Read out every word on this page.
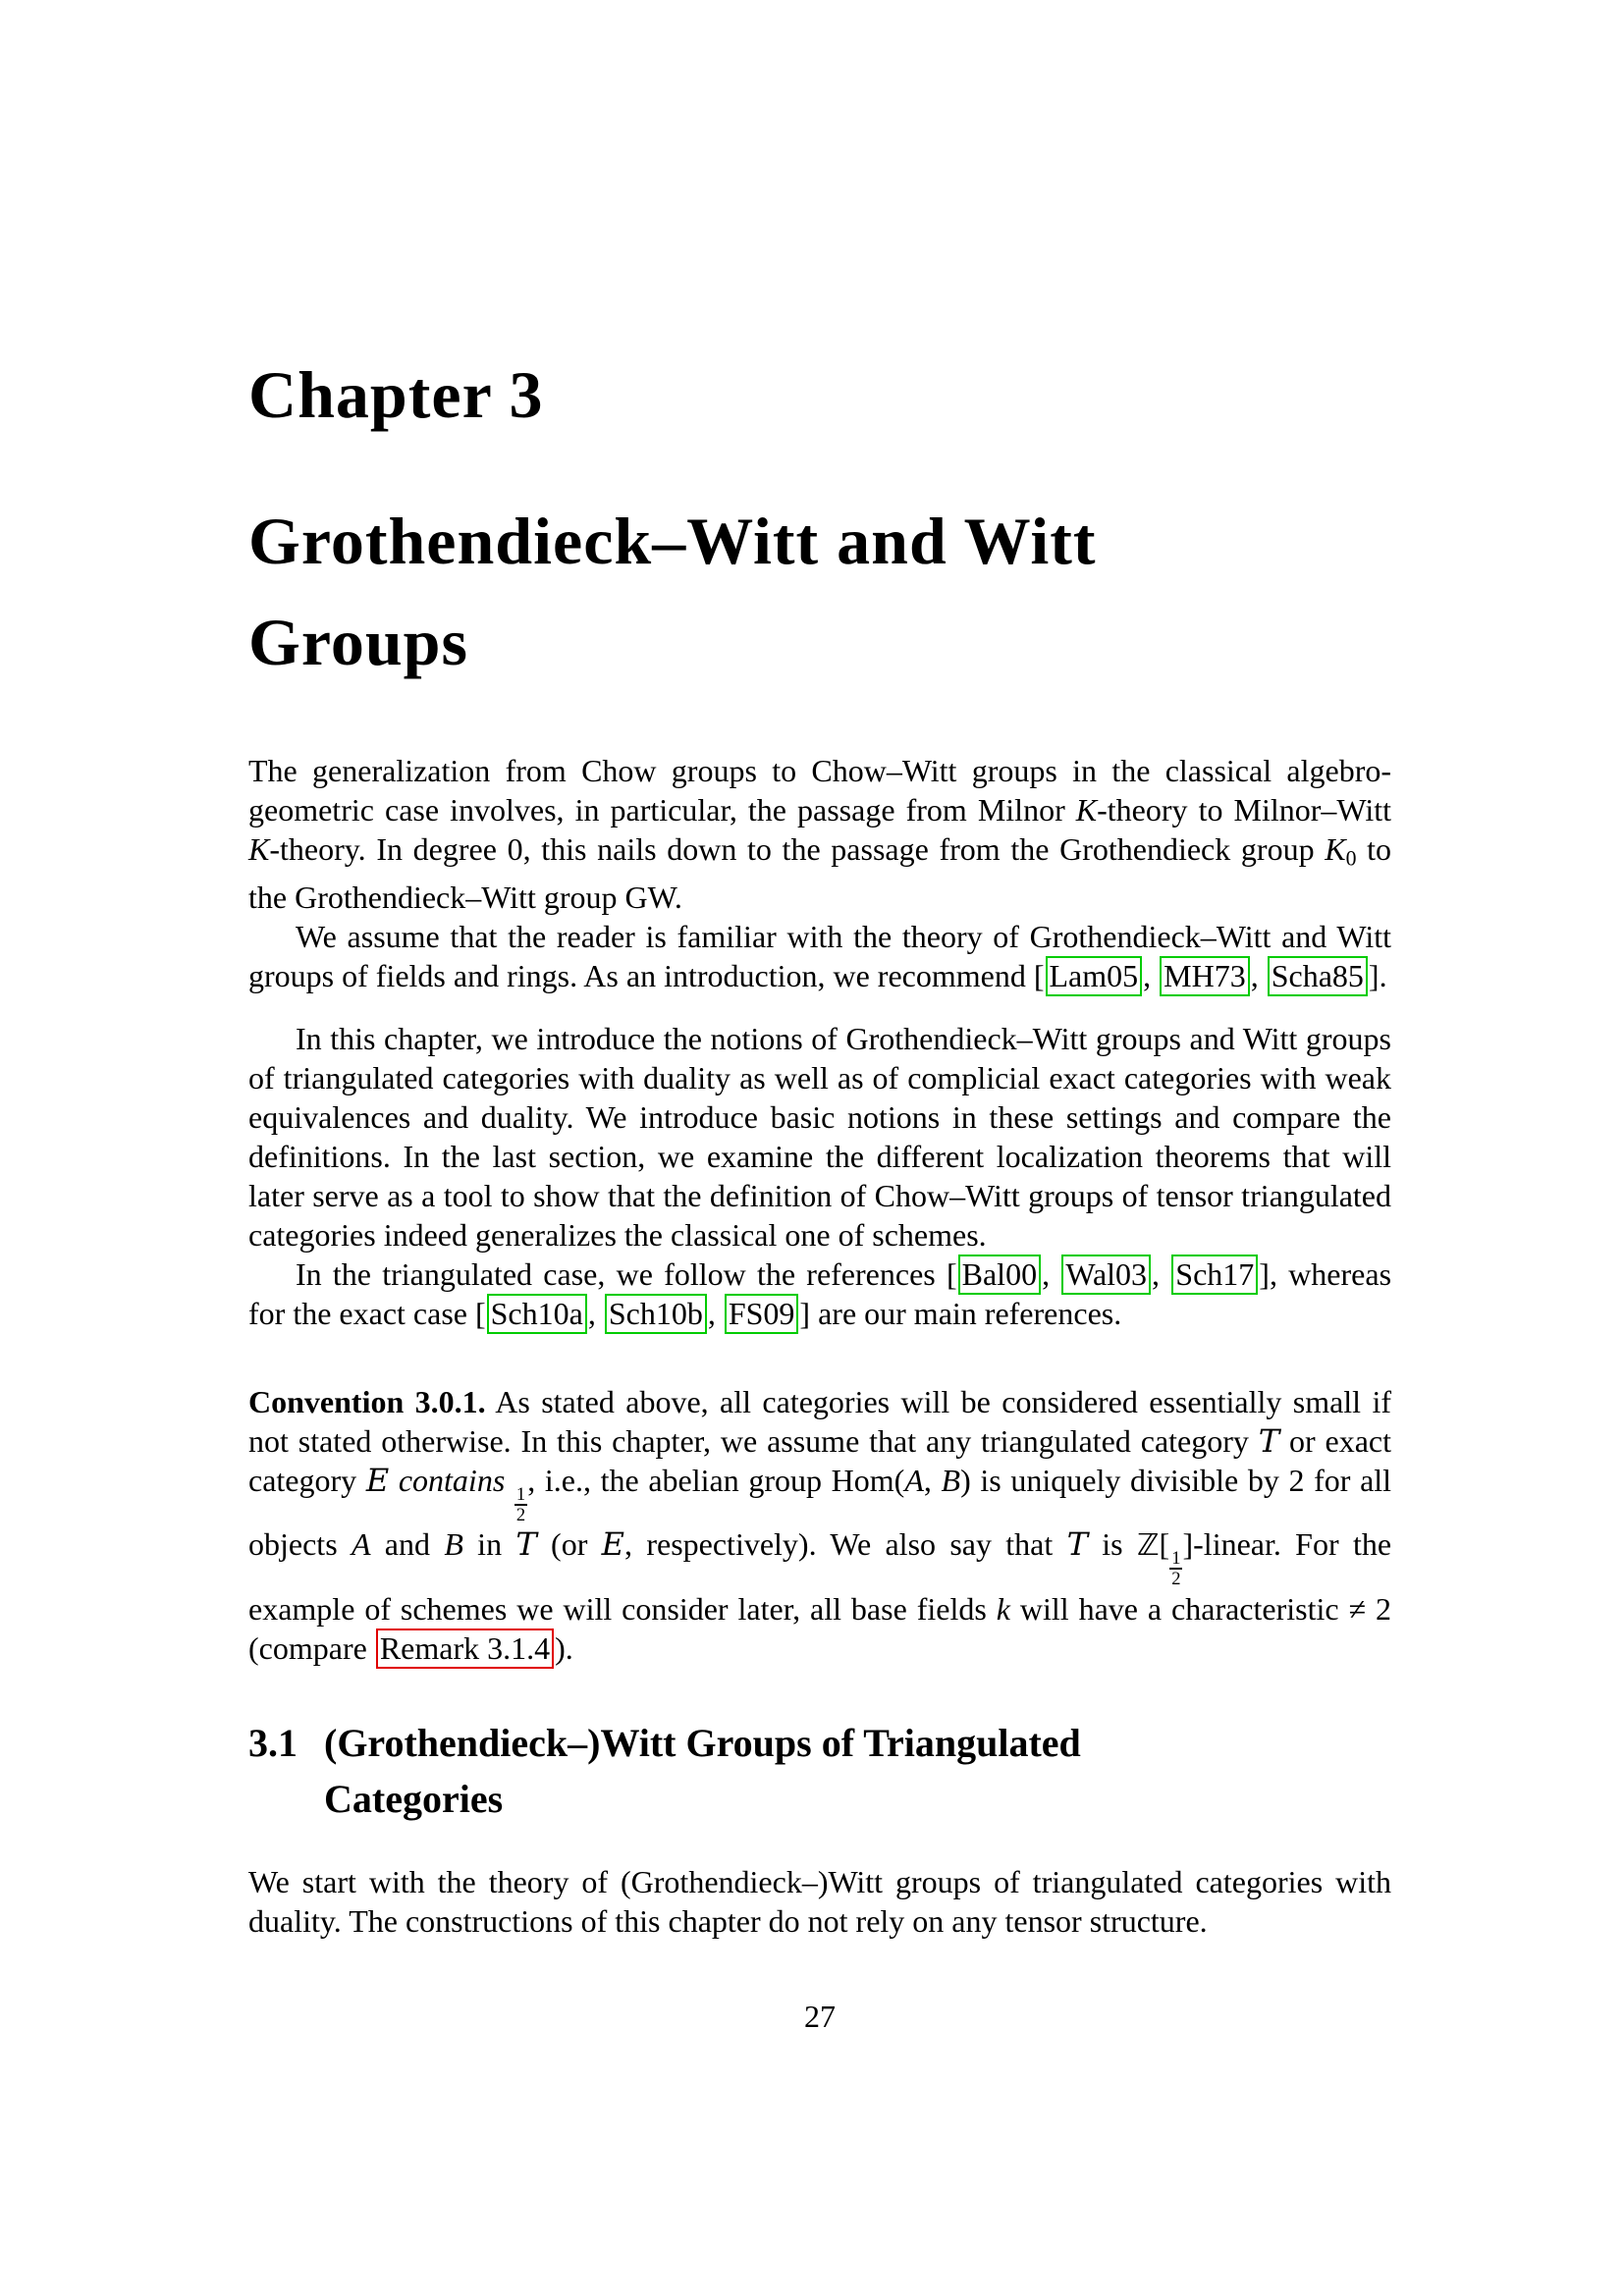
Chapter 3
Grothendieck–Witt and Witt Groups

The generalization from Chow groups to Chow–Witt groups in the classical algebro-geometric case involves, in particular, the passage from Milnor K-theory to Milnor–Witt K-theory. In degree 0, this nails down to the passage from the Grothendieck group K0 to the Grothendieck–Witt group GW.

We assume that the reader is familiar with the theory of Grothendieck–Witt and Witt groups of fields and rings. As an introduction, we recommend [ Lam05 , MH73 , Scha85 ].

In this chapter, we introduce the notions of Grothendieck–Witt groups and Witt groups of triangulated categories with duality as well as of complicial exact categories with weak equivalences and duality. We introduce basic notions in these settings and compare the definitions. In the last section, we examine the different localization theorems that will later serve as a tool to show that the definition of Chow–Witt groups of tensor triangulated categories indeed generalizes the classical one of schemes.

In the triangulated case, we follow the references [ Bal00 , Wal03 , Sch17 ], whereas for the exact case [ Sch10a , Sch10b , FS09 ] are our main references.

Convention 3.0.1. As stated above, all categories will be considered essentially small if not stated otherwise. In this chapter, we assume that any triangulated category T or exact category E contains
$\frac{1}{2}$
, i.e., the abelian group Hom(A, B) is uniquely divisible by 2 for all objects A and B in T (or E, respectively). We also say that T is ℤ[
$\frac{1}{2}$
]-linear. For the example of schemes we will consider later, all base fields k will have a characteristic ≠ 2 (compare Remark 3.1.4 ).

3.1 (Grothendieck–)Witt Groups of Triangulated Categories

We start with the theory of (Grothendieck–)Witt groups of triangulated categories with duality. The constructions of this chapter do not rely on any tensor structure.

27
